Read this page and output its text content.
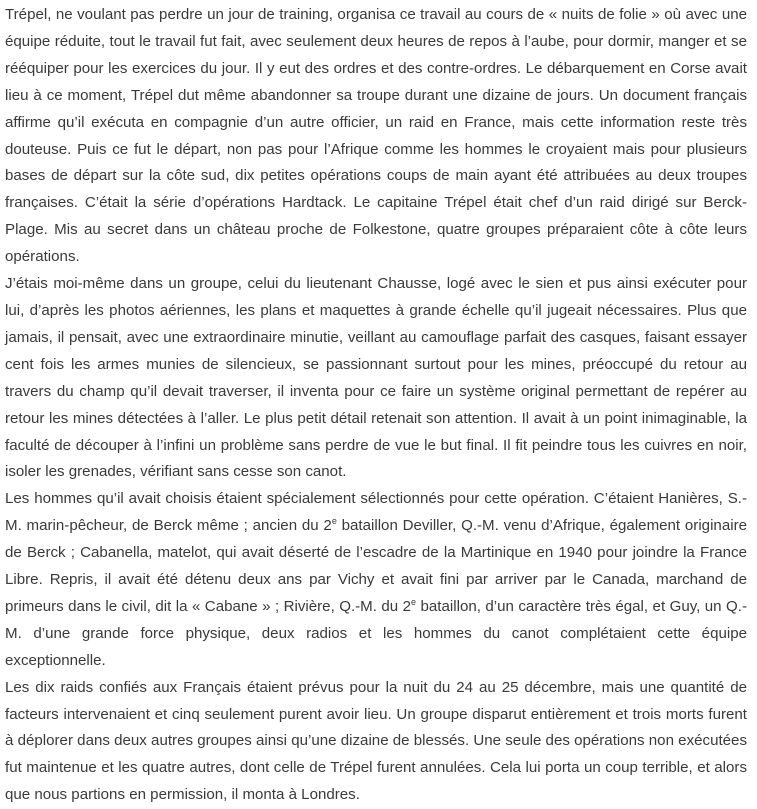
Trépel, ne voulant pas perdre un jour de training, organisa ce travail au cours de « nuits de folie » où avec une équipe réduite, tout le travail fut fait, avec seulement deux heures de repos à l’aube, pour dormir, manger et se rééquiper pour les exercices du jour. Il y eut des ordres et des contre-ordres. Le débarquement en Corse avait lieu à ce moment, Trépel dut même abandonner sa troupe durant une dizaine de jours. Un document français affirme qu’il exécuta en compagnie d’un autre officier, un raid en France, mais cette information reste très douteuse. Puis ce fut le départ, non pas pour l’Afrique comme les hommes le croyaient mais pour plusieurs bases de départ sur la côte sud, dix petites opérations coups de main ayant été attribuées au deux troupes françaises. C’était la série d’opérations Hardtack. Le capitaine Trépel était chef d’un raid dirigé sur Berck-Plage. Mis au secret dans un château proche de Folkestone, quatre groupes préparaient côte à côte leurs opérations.

J’étais moi-même dans un groupe, celui du lieutenant Chausse, logé avec le sien et pus ainsi exécuter pour lui, d’après les photos aériennes, les plans et maquettes à grande échelle qu’il jugeait nécessaires. Plus que jamais, il pensait, avec une extraordinaire minutie, veillant au camouflage parfait des casques, faisant essayer cent fois les armes munies de silencieux, se passionnant surtout pour les mines, préoccupé du retour au travers du champ qu’il devait traverser, il inventa pour ce faire un système original permettant de repérer au retour les mines détectées à l’aller. Le plus petit détail retenait son attention. Il avait à un point inimaginable, la faculté de découper à l’infini un problème sans perdre de vue le but final. Il fit peindre tous les cuivres en noir, isoler les grenades, vérifiant sans cesse son canot.

Les hommes qu’il avait choisis étaient spécialement sélectionnés pour cette opération. C’étaient Hanières, S.-M. marin-pêcheur, de Berck même ; ancien du 2e bataillon Deviller, Q.-M. venu d’Afrique, également originaire de Berck ; Cabanella, matelot, qui avait déserté de l’escadre de la Martinique en 1940 pour joindre la France Libre. Repris, il avait été détenu deux ans par Vichy et avait fini par arriver par le Canada, marchand de primeurs dans le civil, dit la « Cabane » ; Rivière, Q.-M. du 2e bataillon, d’un caractère très égal, et Guy, un Q.-M. d’une grande force physique, deux radios et les hommes du canot complétaient cette équipe exceptionnelle.

Les dix raids confiés aux Français étaient prévus pour la nuit du 24 au 25 décembre, mais une quantité de facteurs intervenaient et cinq seulement purent avoir lieu. Un groupe disparut entièrement et trois morts furent à déplorer dans deux autres groupes ainsi qu’une dizaine de blessés. Une seule des opérations non exécutées fut maintenue et les quatre autres, dont celle de Trépel furent annulées. Cela lui porta un coup terrible, et alors que nous partions en permission, il monta à Londres.
